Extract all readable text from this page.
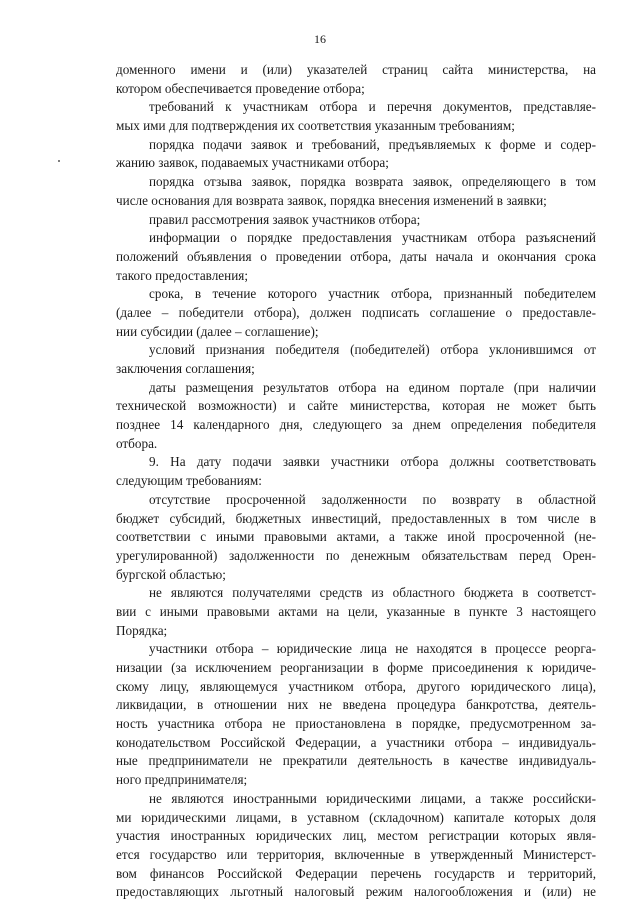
16
доменного имени и (или) указателей страниц сайта министерства, на
котором обеспечивается проведение отбора;
требований к участникам отбора и перечня документов, представляе-
мых ими для подтверждения их соответствия указанным требованиям;
порядка подачи заявок и требований, предъявляемых к форме и содер-
жанию заявок, подаваемых участниками отбора;
порядка отзыва заявок, порядка возврата заявок, определяющего в том
числе основания для возврата заявок, порядка внесения изменений в заявки;
правил рассмотрения заявок участников отбора;
информации о порядке предоставления участникам отбора разъяснений
положений объявления о проведении отбора, даты начала и окончания срока
такого предоставления;
срока, в течение которого участник отбора, признанный победителем
(далее – победители отбора), должен подписать соглашение о предоставле-
нии субсидии (далее – соглашение);
условий признания победителя (победителей) отбора уклонившимся от
заключения соглашения;
даты размещения результатов отбора на едином портале (при наличии
технической возможности) и сайте министерства, которая не может быть
позднее 14 календарного дня, следующего за днем определения победителя
отбора.
9. На дату подачи заявки участники отбора должны соответствовать
следующим требованиям:
отсутствие просроченной задолженности по возврату в областной
бюджет субсидий, бюджетных инвестиций, предоставленных в том числе в
соответствии с иными правовыми актами, а также иной просроченной (не-
урегулированной) задолженности по денежным обязательствам перед Орен-
бургской областью;
не являются получателями средств из областного бюджета в соответст-
вии с иными правовыми актами на цели, указанные в пункте 3 настоящего
Порядка;
участники отбора – юридические лица не находятся в процессе реорга-
низации (за исключением реорганизации в форме присоединения к юридиче-
скому лицу, являющемуся участником отбора, другого юридического лица),
ликвидации, в отношении них не введена процедура банкротства, деятель-
ность участника отбора не приостановлена в порядке, предусмотренном за-
конодательством Российской Федерации, а участники отбора – индивидуаль-
ные предприниматели не прекратили деятельность в качестве индивидуаль-
ного предпринимателя;
не являются иностранными юридическими лицами, а также российски-
ми юридическими лицами, в уставном (складочном) капитале которых доля
участия иностранных юридических лиц, местом регистрации которых явля-
ется государство или территория, включенные в утвержденный Министерст-
вом финансов Российской Федерации перечень государств и территорий,
предоставляющих льготный налоговый режим налогообложения и (или) не
